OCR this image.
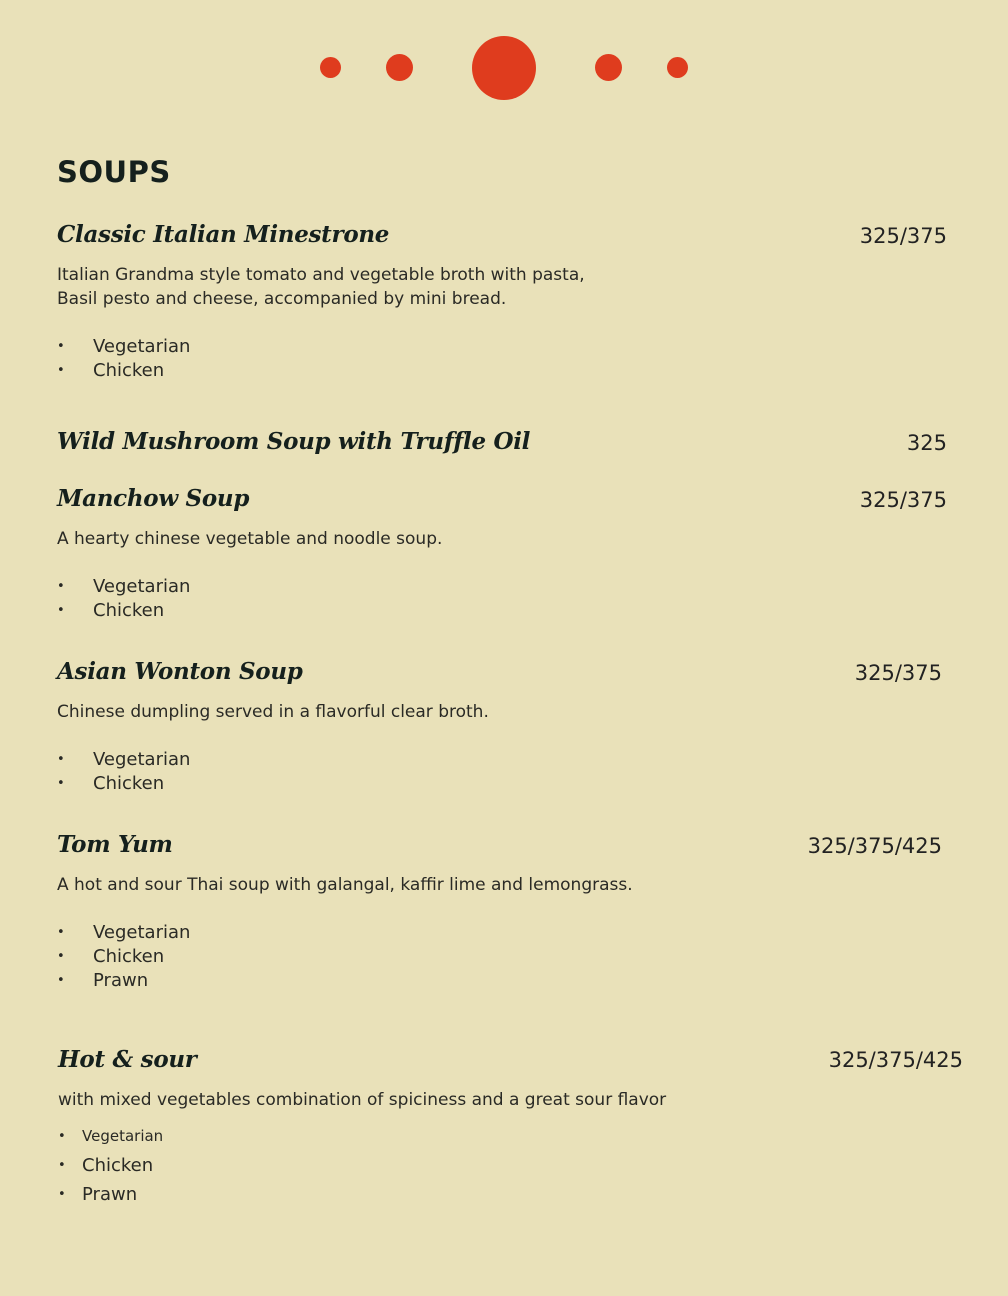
SOUPS
Classic Italian Minestrone	325/375

Italian Grandma style tomato and vegetable broth with pasta,
Basil pesto and cheese, accompanied by mini bread.

• Vegetarian
• Chicken
Wild Mushroom Soup with Truffle Oil	325
Manchow Soup	325/375

A hearty chinese vegetable and noodle soup.

• Vegetarian
• Chicken
Asian Wonton Soup	325/375

Chinese dumpling served in a flavorful clear broth.

• Vegetarian
• Chicken
Tom Yum	325/375/425

A hot and sour Thai soup with galangal, kaffir lime and lemongrass.

• Vegetarian
• Chicken
• Prawn
Hot & sour	325/375/425

with mixed vegetables combination of spiciness and a great sour flavor

• Vegetarian
• Chicken
• Prawn
